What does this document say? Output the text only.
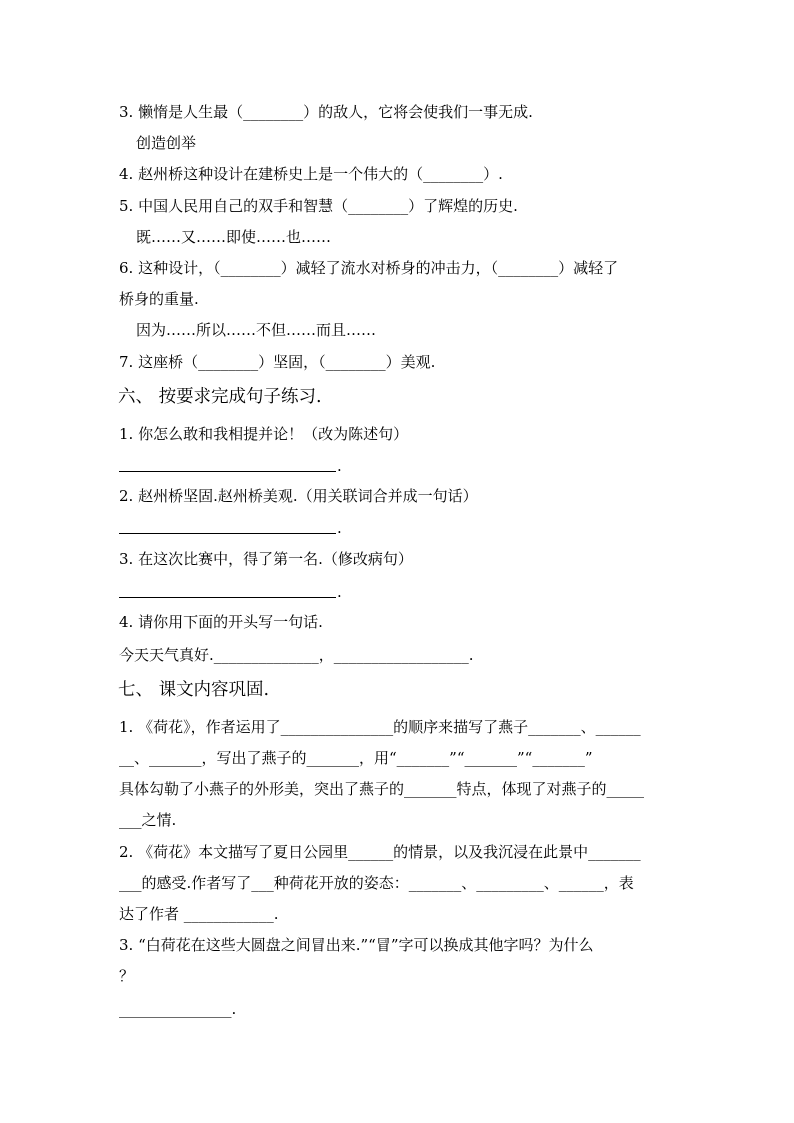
3. 懒惰是人生最（________）的敌人，它将会使我们一事无成.
创造创举
4. 赵州桥这种设计在建桥史上是一个伟大的（________）.
5. 中国人民用自己的双手和智慧（________）了辉煌的历史.
既……又……即使……也……
6. 这种设计，（________）减轻了流水对桥身的冲击力，（________）减轻了
桥身的重量.
因为……所以……不但……而且……
7. 这座桥（________）坚固，（________）美观.
六、 按要求完成句子练习.
1. 你怎么敢和我相提并论！（改为陈述句）
.
2. 赵州桥坚固.赵州桥美观.（用关联词合并成一句话）
.
3. 在这次比赛中，得了第一名.（修改病句）
.
4. 请你用下面的开头写一句话.
今天天气真好.______________，__________________.
七、 课文内容巩固.
1. 《荷花》，作者运用了_______________的顺序来描写了燕子_______、______
__、_______，写出了燕子的_______，用“_______”“_______”“_______”
具体勾勒了小燕子的外形美，突出了燕子的_______特点，体现了对燕子的_____
___之情.
2. 《荷花》本文描写了夏日公园里______的情景，以及我沉浸在此景中_______
___的感受.作者写了___种荷花开放的姿态：_______、_________、______，表
达了作者 ____________.
3. “白荷花在这些大圆盘之间冒出来.”“冒”字可以换成其他字吗？为什么
？
_______________.
